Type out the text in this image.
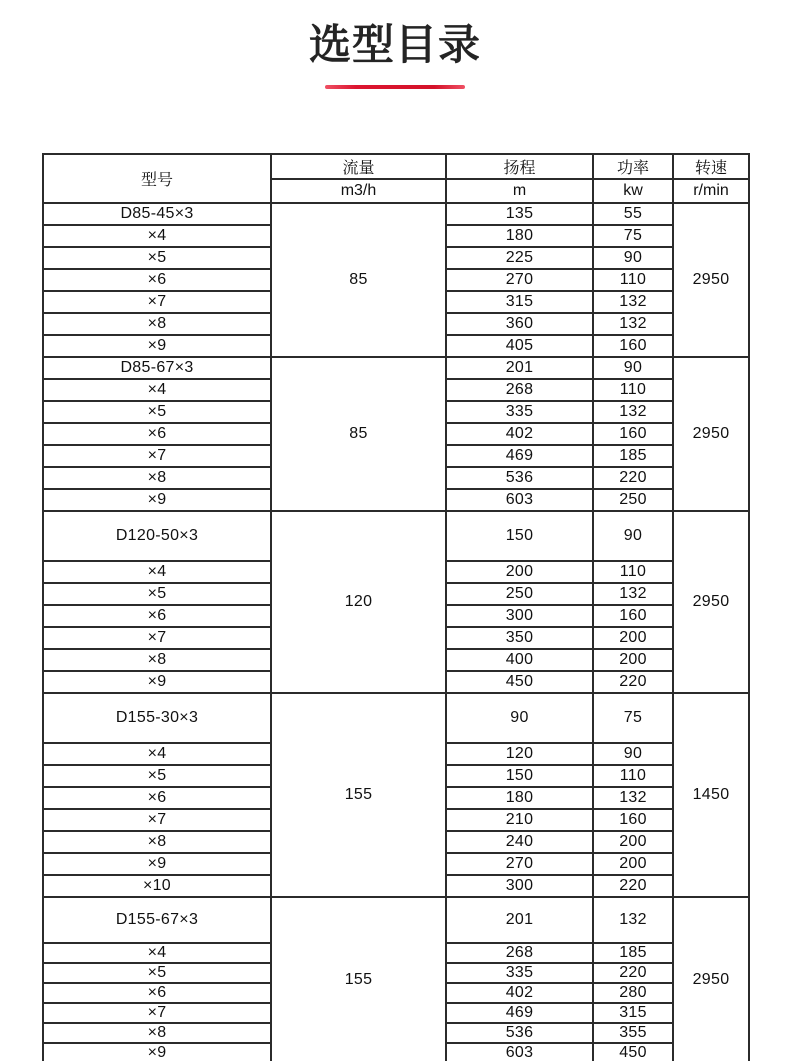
选型目录
型号	流量	扬程	功率	转速
	m3/h	m	kw	r/min
D85-45×3	85	135	55	2950
×4		180	75	
×5		225	90	
×6		270	110	
×7		315	132	
×8		360	132	
×9		405	160	
D85-67×3	85	201	90	2950
×4		268	110	
×5		335	132	
×6		402	160	
×7		469	185	
×8		536	220	
×9		603	250	
D120-50×3	120	150	90	2950
×4		200	110	
×5		250	132	
×6		300	160	
×7		350	200	
×8		400	200	
×9		450	220	
D155-30×3	155	90	75	1450
×4		120	90	
×5		150	110	
×6		180	132	
×7		210	160	
×8		240	200	
×9		270	200	
×10		300	220	
D155-67×3	155	201	132	2950
×4		268	185	
×5		335	220	
×6		402	280	
×7		469	315	
×8		536	355	
×9		603	450	
